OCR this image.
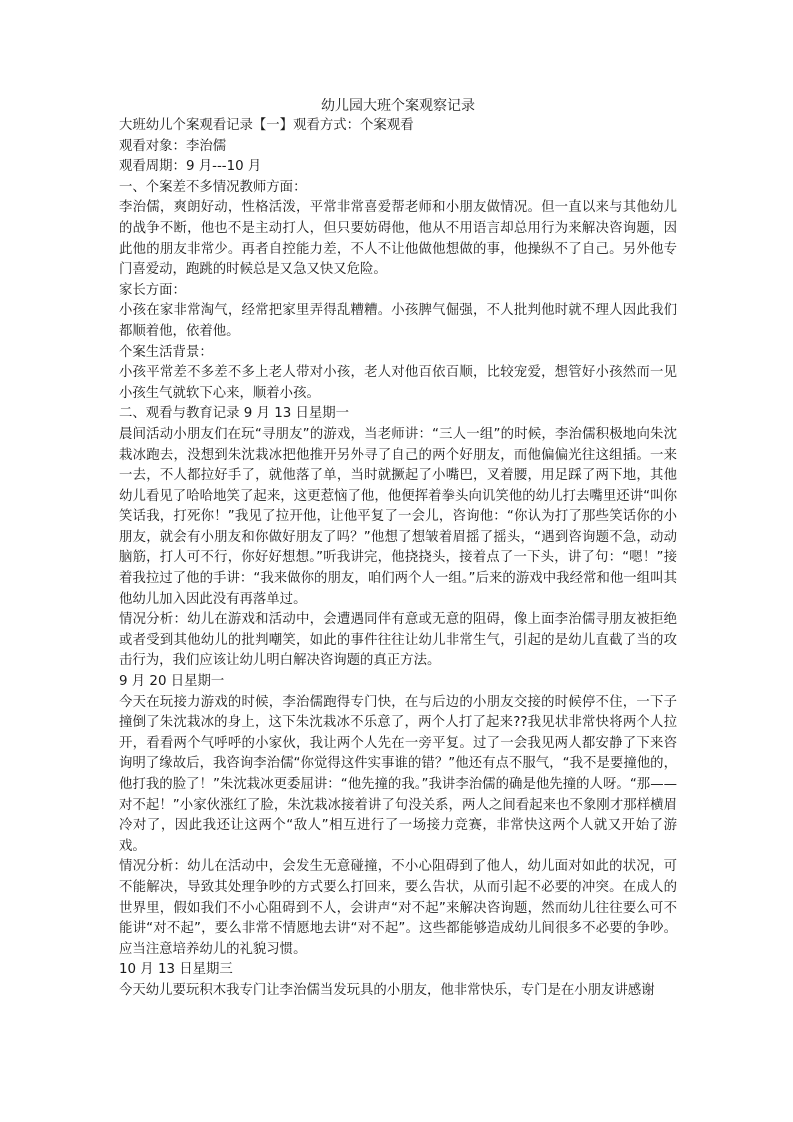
幼儿园大班个案观察记录

大班幼儿个案观看记录【一】观看方式：个案观看

观看对象：李治儒

观看周期：9 月---10 月

一、个案差不多情况教师方面：

李治儒，爽朗好动，性格活泼，平常非常喜爱帮老师和小朋友做情况。但一直以来与其他幼儿的战争不断，他也不是主动打人，但只要妨碍他，他从不用语言却总用行为来解决咨询题，因此他的朋友非常少。再者自控能力差，不人不让他做他想做的事，他操纵不了自己。另外他专门喜爱动，跑跳的时候总是又急又快又危险。

家长方面：

小孩在家非常淘气，经常把家里弄得乱糟糟。小孩脾气倔强，不人批判他时就不理人因此我们都顺着他，依着他。

个案生活背景：

小孩平常差不多差不多上老人带对小孩，老人对他百依百顺，比较宠爱，想管好小孩然而一见小孩生气就软下心来，顺着小孩。

二、观看与教育记录 9 月 13 日星期一

晨间活动小朋友们在玩“寻朋友”的游戏，当老师讲：“三人一组”的时候，李治儒积极地向朱沈栽冰跑去，没想到朱沈栽冰把他推开另外寻了自己的两个好朋友，而他偏偏光往这组插。一来一去，不人都拉好手了，就他落了单，当时就撅起了小嘴巴，叉着腰，用足踩了两下地，其他幼儿看见了哈哈地笑了起来，这更惹恼了他，他便挥着拳头向讥笑他的幼儿打去嘴里还讲“叫你笑话我，打死你！”我见了拉开他，让他平复了一会儿，咨询他：“你认为打了那些笑话你的小朋友，就会有小朋友和你做好朋友了吗？”他想了想皱着眉摇了摇头，“遇到咨询题不急，动动脑筋，打人可不行，你好好想想。”听我讲完，他挠挠头，接着点了一下头，讲了句：“嗯！”接着我拉过了他的手讲：“我来做你的朋友，咱们两个人一组。”后来的游戏中我经常和他一组叫其他幼儿加入因此没有再落单过。

情况分析：幼儿在游戏和活动中，会遭遇同伴有意或无意的阻碍，像上面李治儒寻朋友被拒绝或者受到其他幼儿的批判嘲笑，如此的事件往往让幼儿非常生气，引起的是幼儿直截了当的攻击行为，我们应该让幼儿明白解决咨询题的真正方法。

9 月 20 日星期一

今天在玩接力游戏的时候，李治儒跑得专门快，在与后边的小朋友交接的时候停不住，一下子撞倒了朱沈栽冰的身上，这下朱沈栽冰不乐意了，两个人打了起来??我见状非常快将两个人拉开，看看两个气呼呼的小家伙，我让两个人先在一旁平复。过了一会我见两人都安静了下来咨询明了缘故后，我咨询李治儒“你觉得这件实事谁的错？”他还有点不服气，“我不是要撞他的，他打我的脸了！”朱沈栽冰更委屈讲：“他先撞的我。”我讲李治儒的确是他先撞的人呀。“那——对不起！”小家伙涨红了脸，朱沈栽冰接着讲了句没关系，两人之间看起来也不象刚才那样横眉冷对了，因此我还让这两个“敌人”相互进行了一场接力竞赛，非常快这两个人就又开始了游戏。

情况分析：幼儿在活动中，会发生无意碰撞，不小心阻碍到了他人，幼儿面对如此的状况，可不能解决，导致其处理争吵的方式要么打回来，要么告状，从而引起不必要的冲突。在成人的世界里，假如我们不小心阻碍到不人，会讲声“对不起”来解决咨询题，然而幼儿往往要么可不能讲“对不起”，要么非常不情愿地去讲“对不起”。这些都能够造成幼儿间很多不必要的争吵。应当注意培养幼儿的礼貌习惯。

10 月 13 日星期三

今天幼儿要玩积木我专门让李治儒当发玩具的小朋友，他非常快乐，专门是在小朋友讲感谢
